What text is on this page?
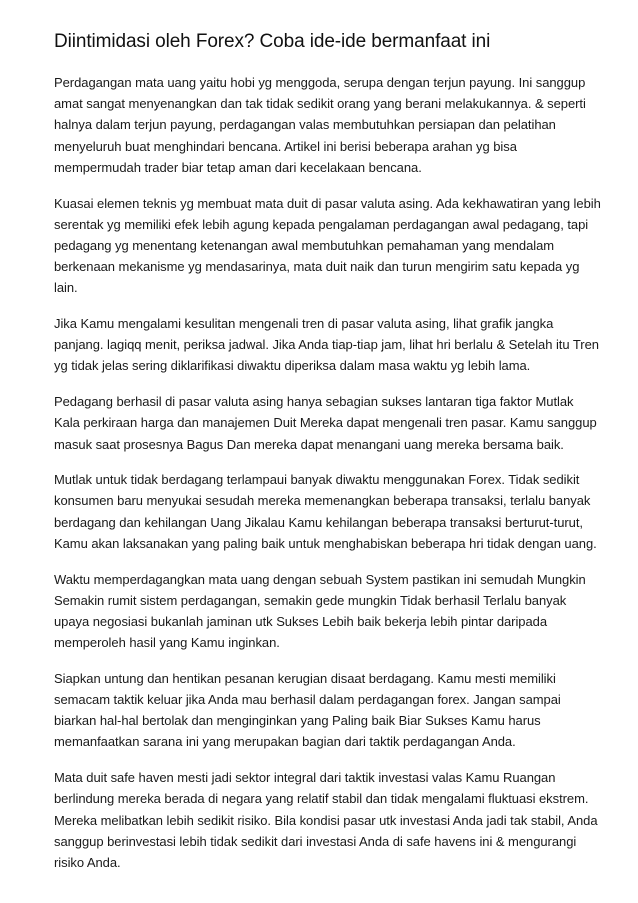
Diintimidasi oleh Forex? Coba ide-ide bermanfaat ini

Perdagangan mata uang yaitu hobi yg menggoda, serupa dengan terjun payung. Ini sanggup amat sangat menyenangkan dan tak tidak sedikit orang yang berani melakukannya. & seperti halnya dalam terjun payung, perdagangan valas membutuhkan persiapan dan pelatihan menyeluruh buat menghindari bencana. Artikel ini berisi beberapa arahan yg bisa mempermudah trader biar tetap aman dari kecelakaan bencana.

Kuasai elemen teknis yg membuat mata duit di pasar valuta asing. Ada kekhawatiran yang lebih serentak yg memiliki efek lebih agung kepada pengalaman perdagangan awal pedagang, tapi pedagang yg menentang ketenangan awal membutuhkan pemahaman yang mendalam berkenaan mekanisme yg mendasarinya, mata duit naik dan turun mengirim satu kepada yg lain.

Jika Kamu mengalami kesulitan mengenali tren di pasar valuta asing, lihat grafik jangka panjang. lagiqq menit, periksa jadwal. Jika Anda tiap-tiap jam, lihat hri berlalu & Setelah itu Tren yg tidak jelas sering diklarifikasi diwaktu diperiksa dalam masa waktu yg lebih lama.

Pedagang berhasil di pasar valuta asing hanya sebagian sukses lantaran tiga faktor Mutlak Kala perkiraan harga dan manajemen Duit Mereka dapat mengenali tren pasar. Kamu sanggup masuk saat prosesnya Bagus Dan mereka dapat menangani uang mereka bersama baik.

Mutlak untuk tidak berdagang terlampaui banyak diwaktu menggunakan Forex. Tidak sedikit konsumen baru menyukai sesudah mereka memenangkan beberapa transaksi, terlalu banyak berdagang dan kehilangan Uang Jikalau Kamu kehilangan beberapa transaksi berturut-turut, Kamu akan laksanakan yang paling baik untuk menghabiskan beberapa hri tidak dengan uang.

Waktu memperdagangkan mata uang dengan sebuah System pastikan ini semudah Mungkin Semakin rumit sistem perdagangan, semakin gede mungkin Tidak berhasil Terlalu banyak upaya negosiasi bukanlah jaminan utk Sukses Lebih baik bekerja lebih pintar daripada memperoleh hasil yang Kamu inginkan.

Siapkan untung dan hentikan pesanan kerugian disaat berdagang. Kamu mesti memiliki semacam taktik keluar jika Anda mau berhasil dalam perdagangan forex. Jangan sampai biarkan hal-hal bertolak dan menginginkan yang Paling baik Biar Sukses Kamu harus memanfaatkan sarana ini yang merupakan bagian dari taktik perdagangan Anda.

Mata duit safe haven mesti jadi sektor integral dari taktik investasi valas Kamu Ruangan berlindung mereka berada di negara yang relatif stabil dan tidak mengalami fluktuasi ekstrem. Mereka melibatkan lebih sedikit risiko. Bila kondisi pasar utk investasi Anda jadi tak stabil, Anda sanggup berinvestasi lebih tidak sedikit dari investasi Anda di safe havens ini & mengurangi risiko Anda.
